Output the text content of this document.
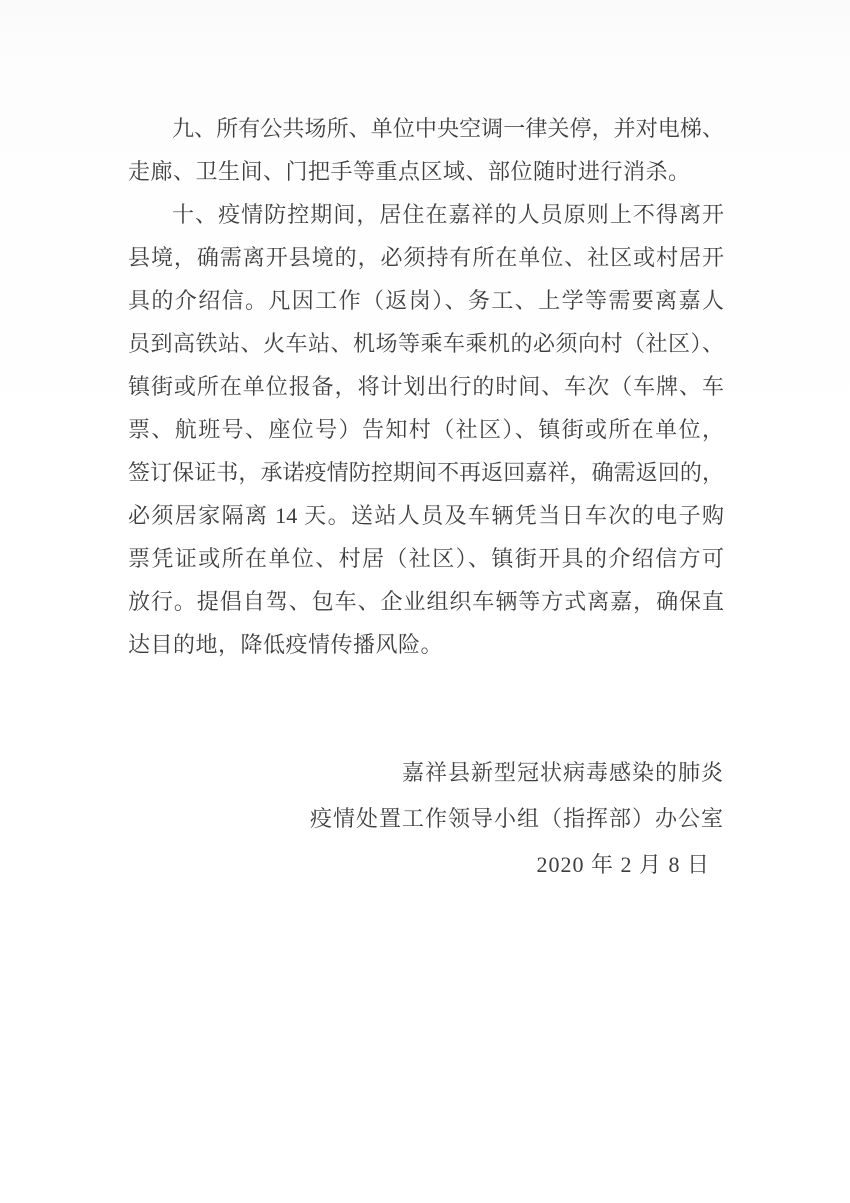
九、所有公共场所、单位中央空调一律关停，并对电梯、

走廊、卫生间、门把手等重点区域、部位随时进行消杀。

十、疫情防控期间，居住在嘉祥的人员原则上不得离开

县境，确需离开县境的，必须持有所在单位、社区或村居开

具的介绍信。凡因工作（返岗）、务工、上学等需要离嘉人

员到高铁站、火车站、机场等乘车乘机的必须向村（社区）、

镇街或所在单位报备，将计划出行的时间、车次（车牌、车

票、航班号、座位号）告知村（社区）、镇街或所在单位，

签订保证书，承诺疫情防控期间不再返回嘉祥，确需返回的，

必须居家隔离 14 天。送站人员及车辆凭当日车次的电子购

票凭证或所在单位、村居（社区）、镇街开具的介绍信方可

放行。提倡自驾、包车、企业组织车辆等方式离嘉，确保直

达目的地，降低疫情传播风险。

嘉祥县新型冠状病毒感染的肺炎

疫情处置工作领导小组（指挥部）办公室

2020 年 2 月 8 日
